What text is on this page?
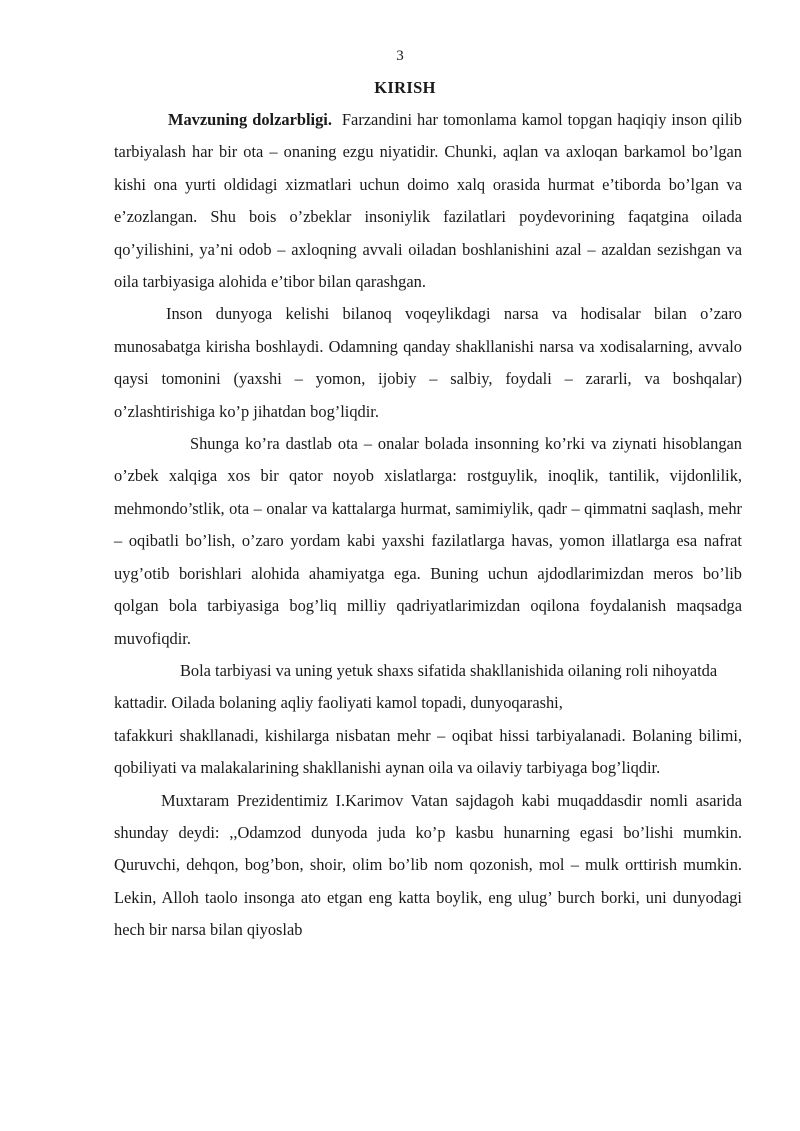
3
KIRISH

Mavzuning dolzarbligi. Farzandini har tomonlama kamol topgan haqiqiy inson qilib tarbiyalash har bir ota – onaning ezgu niyatidir. Chunki, aqlan va axloqan barkamol bo’lgan kishi ona yurti oldidagi xizmatlari uchun doimo xalq orasida hurmat e’tiborda bo’lgan va e’zozlangan. Shu bois o’zbeklar insoniylik fazilatlari poydevorining faqatgina oilada qo’yilishini, ya’ni odob – axloqning avvali oiladan boshlanishini azal – azaldan sezishgan va oila tarbiyasiga alohida e’tibor bilan qarashgan.

Inson dunyoga kelishi bilanoq voqeylikdagi narsa va hodisalar bilan o’zaro munosabatga kirisha boshlaydi. Odamning qanday shakllanishi narsa va xodisalarning, avvalo qaysi tomonini (yaxshi – yomon, ijobiy – salbiy, foydali – zararli, va boshqalar) o’zlashtirishiga ko’p jihatdan bog’liqdir.

Shunga ko’ra dastlab ota – onalar bolada insonning ko’rki va ziynati hisoblangan o’zbek xalqiga xos bir qator noyob xislatlarga: rostguylik, inoqlik, tantilik, vijdonlilik, mehmondo’stlik, ota – onalar va kattalarga hurmat, samimiylik, qadr – qimmatni saqlash, mehr – oqibatli bo’lish, o’zaro yordam kabi yaxshi fazilatlarga havas, yomon illatlarga esa nafrat uyg’otib borishlari alohida ahamiyatga ega. Buning uchun ajdodlarimizdan meros bo’lib qolgan bola tarbiyasiga bog’liq milliy qadriyatlarimizdan oqilona foydalanish maqsadga muvofiqdir.

Bola tarbiyasi va uning yetuk shaxs sifatida shakllanishida oilaning roli nihoyatda kattadir. Oilada bolaning aqliy faoliyati kamol topadi, dunyoqarashi,

tafakkuri shakllanadi, kishilarga nisbatan mehr – oqibat hissi tarbiyalanadi. Bolaning bilimi, qobiliyati va malakalarining shakllanishi aynan oila va oilaviy tarbiyaga bog’liqdir.

Muxtaram Prezidentimiz I.Karimov Vatan sajdagoh kabi muqaddasdir nomli asarida shunday deydi: ,,Odamzod dunyoda juda ko’p kasbu hunarning egasi bo’lishi mumkin. Quruvchi, dehqon, bog’bon, shoir, olim bo’lib nom qozonish, mol – mulk orttirish mumkin. Lekin, Alloh taolo insonga ato etgan eng katta boylik, eng ulug’ burch borki, uni dunyodagi hech bir narsa bilan qiyoslab
